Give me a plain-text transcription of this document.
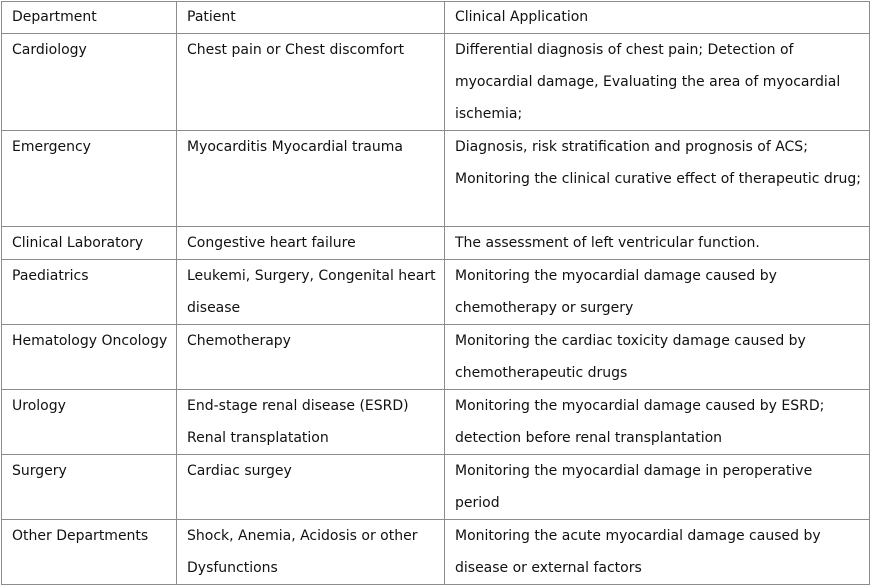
Department	Patient	Clinical Application

Cardiology	Chest pain or Chest discomfort	Differential diagnosis of chest pain; Detection of myocardial damage, Evaluating the area of myocardial ischemia;

Emergency	Myocarditis Myocardial trauma	Diagnosis, risk stratification and prognosis of ACS; Monitoring the clinical curative effect of therapeutic drug;

Clinical Laboratory	Congestive heart failure	The assessment of left ventricular function.

Paediatrics	Leukemi, Surgery, Congenital heart disease	Monitoring the myocardial damage caused by chemotherapy or surgery

Hematology Oncology	Chemotherapy	Monitoring the cardiac toxicity damage caused by chemotherapeutic drugs

Urology	End-stage renal disease (ESRD) Renal transplatation	Monitoring the myocardial damage caused by ESRD; detection before renal transplantation

Surgery	Cardiac surgey	Monitoring the myocardial damage in peroperative period

Other Departments	Shock, Anemia, Acidosis or other Dysfunctions	Monitoring the acute myocardial damage caused by disease or external factors
